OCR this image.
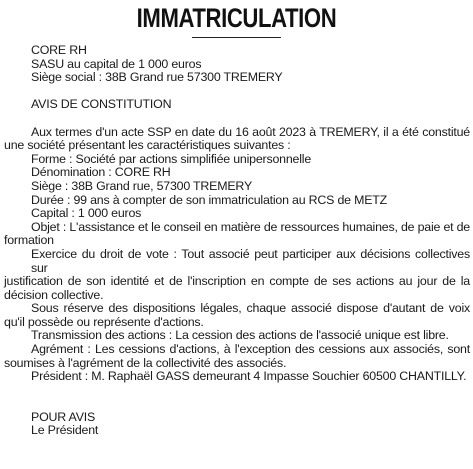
IMMATRICULATION
CORE RH
SASU au capital de 1 000 euros
Siège social : 38B Grand rue 57300 TREMERY
AVIS DE CONSTITUTION
Aux termes d'un acte SSP en date du 16 août 2023 à TREMERY, il a été constitué
une société présentant les caractéristiques suivantes :
Forme : Société par actions simplifiée unipersonnelle
Dénomination : CORE RH
Siège : 38B Grand rue, 57300 TREMERY
Durée : 99 ans à compter de son immatriculation au RCS de METZ
Capital : 1 000 euros
Objet : L'assistance et le conseil en matière de ressources humaines, de paie et de
formation
Exercice du droit de vote : Tout associé peut participer aux décisions collectives sur
justification de son identité et de l'inscription en compte de ses actions au jour de la
décision collective.
Sous réserve des dispositions légales, chaque associé dispose d'autant de voix
qu'il possède ou représente d'actions.
Transmission des actions : La cession des actions de l'associé unique est libre.
Agrément : Les cessions d'actions, à l'exception des cessions aux associés, sont
soumises à l'agrément de la collectivité des associés.
Président : M. Raphaël GASS demeurant 4 Impasse Souchier 60500 CHANTILLY.
POUR AVIS
Le Président
